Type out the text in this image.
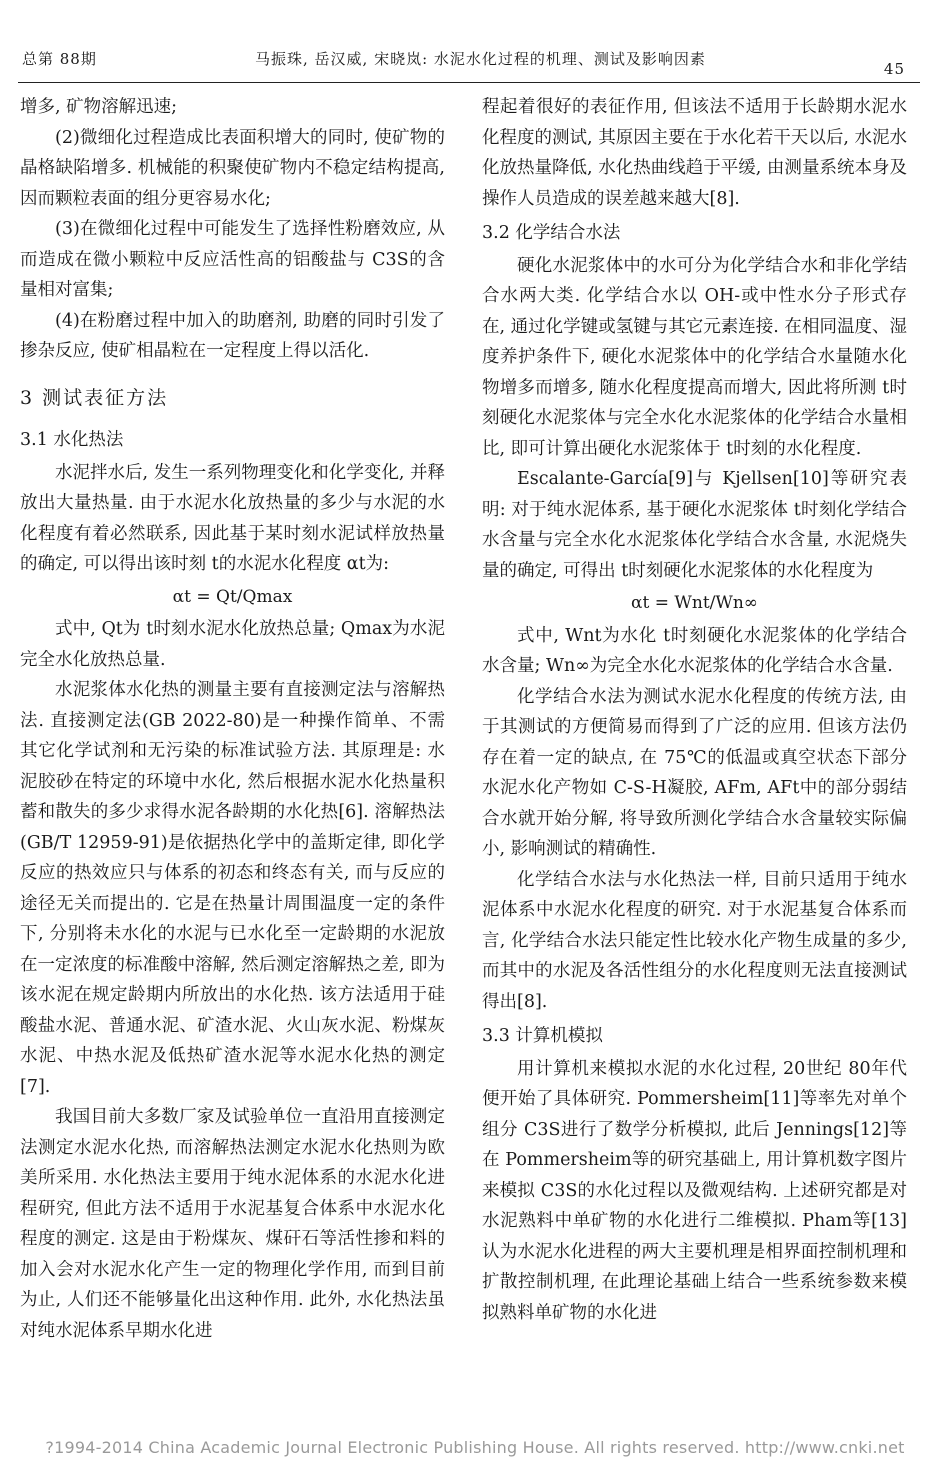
总第 88期	马振珠, 岳汉威, 宋晓岚: 水泥水化过程的机理、测试及影响因素
45

增多, 矿物溶解迅速;

(2)微细化过程造成比表面积增大的同时, 使矿物的晶格缺陷增多. 机械能的积聚使矿物内不稳定结构提高, 因而颗粒表面的组分更容易水化;

(3)在微细化过程中可能发生了选择性粉磨效应, 从而造成在微小颗粒中反应活性高的铝酸盐与 C3S的含量相对富集;

(4)在粉磨过程中加入的助磨剂, 助磨的同时引发了掺杂反应, 使矿相晶粒在一定程度上得以活化.

3 测试表征方法
3.1 水化热法

水泥拌水后, 发生一系列物理变化和化学变化, 并释放出大量热量. 由于水泥水化放热量的多少与水泥的水化程度有着必然联系, 因此基于某时刻水泥试样放热量的确定, 可以得出该时刻 t的水泥水化程度 αt为:

αt = Qt/Qmax

式中, Qt为 t时刻水泥水化放热总量; Qmax为水泥完全水化放热总量.

水泥浆体水化热的测量主要有直接测定法与溶解热法. 直接测定法(GB 2022-80)是一种操作简单、不需其它化学试剂和无污染的标准试验方法. 其原理是: 水泥胶砂在特定的环境中水化, 然后根据水泥水化热量积蓄和散失的多少求得水泥各龄期的水化热[6]. 溶解热法(GB/T 12959-91)是依据热化学中的盖斯定律, 即化学反应的热效应只与体系的初态和终态有关, 而与反应的途径无关而提出的. 它是在热量计周围温度一定的条件下, 分别将未水化的水泥与已水化至一定龄期的水泥放在一定浓度的标准酸中溶解, 然后测定溶解热之差, 即为该水泥在规定龄期内所放出的水化热. 该方法适用于硅酸盐水泥、普通水泥、矿渣水泥、火山灰水泥、粉煤灰水泥、中热水泥及低热矿渣水泥等水泥水化热的测定[7].

我国目前大多数厂家及试验单位一直沿用直接测定法测定水泥水化热, 而溶解热法测定水泥水化热则为欧美所采用. 水化热法主要用于纯水泥体系的水泥水化进程研究, 但此方法不适用于水泥基复合体系中水泥水化程度的测定. 这是由于粉煤灰、煤矸石等活性掺和料的加入会对水泥水化产生一定的物理化学作用, 而到目前为止, 人们还不能够量化出这种作用. 此外, 水化热法虽对纯水泥体系早期水化进

程起着很好的表征作用, 但该法不适用于长龄期水泥水化程度的测试, 其原因主要在于水化若干天以后, 水泥水化放热量降低, 水化热曲线趋于平缓, 由测量系统本身及操作人员造成的误差越来越大[8].

3.2 化学结合水法

硬化水泥浆体中的水可分为化学结合水和非化学结合水两大类. 化学结合水以 OH-或中性水分子形式存在, 通过化学键或氢键与其它元素连接. 在相同温度、湿度养护条件下, 硬化水泥浆体中的化学结合水量随水化物增多而增多, 随水化程度提高而增大, 因此将所测 t时刻硬化水泥浆体与完全水化水泥浆体的化学结合水量相比, 即可计算出硬化水泥浆体于 t时刻的水化程度.

Escalante-García[9]与 Kjellsen[10]等研究表明: 对于纯水泥体系, 基于硬化水泥浆体 t时刻化学结合水含量与完全水化水泥浆体化学结合水含量, 水泥烧失量的确定, 可得出 t时刻硬化水泥浆体的水化程度为

αt = Wnt/Wn∞

式中, Wnt为水化 t时刻硬化水泥浆体的化学结合水含量; Wn∞为完全水化水泥浆体的化学结合水含量.

化学结合水法为测试水泥水化程度的传统方法, 由于其测试的方便简易而得到了广泛的应用. 但该方法仍存在着一定的缺点, 在 75℃的低温或真空状态下部分水泥水化产物如 C-S-H凝胶, AFm, AFt中的部分弱结合水就开始分解, 将导致所测化学结合水含量较实际偏小, 影响测试的精确性.

化学结合水法与水化热法一样, 目前只适用于纯水泥体系中水泥水化程度的研究. 对于水泥基复合体系而言, 化学结合水法只能定性比较水化产物生成量的多少, 而其中的水泥及各活性组分的水化程度则无法直接测试得出[8].

3.3 计算机模拟

用计算机来模拟水泥的水化过程, 20世纪 80年代便开始了具体研究. Pommersheim[11]等率先对单个组分 C3S进行了数学分析模拟, 此后 Jennings[12]等在 Pommersheim等的研究基础上, 用计算机数字图片来模拟 C3S的水化过程以及微观结构. 上述研究都是对水泥熟料中单矿物的水化进行二维模拟. Pham等[13]认为水泥水化进程的两大主要机理是相界面控制机理和扩散控制机理, 在此理论基础上结合一些系统参数来模拟熟料单矿物的水化进

?1994-2014 China Academic Journal Electronic Publishing House. All rights reserved. http://www.cnki.net
